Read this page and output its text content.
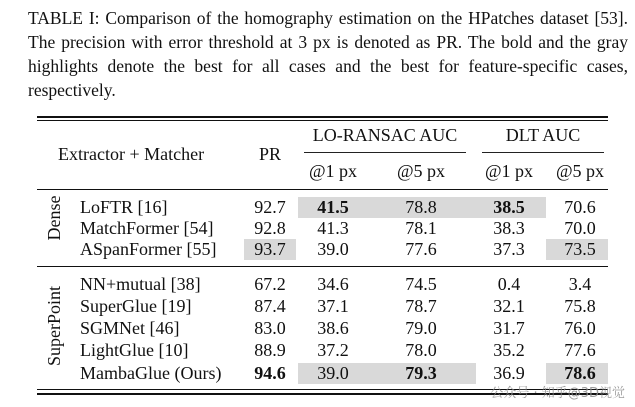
TABLE I: Comparison of the homography estimation on the HPatches dataset [53]. The precision with error threshold at 3 px is denoted as PR. The bold and the gray highlights denote the best for all cases and the best for feature-specific cases, respectively.
Extractor + Matcher	PR
LO-RANSAC AUC	DLT AUC
@1 px	@5 px	@1 px	@5 px
Dense LoFTR [16]	92.7	41.5	78.8	38.5	70.6
MatchFormer [54]	92.8	41.3	78.1	38.3	70.0
ASpanFormer [55]	93.7	39.0	77.6	37.3	73.5
SuperPoint
NN+mutual [38]	67.2	34.6	74.5	0.4	3.4
SuperGlue [19]	87.4	37.1	78.7	32.1	75.8
SGMNet [46]	83.0	38.6	79.0	31.7	76.0
LightGlue [10]	88.9	37.2	78.0	35.2	77.6
MambaGlue (Ours)	94.6	39.0	79.3	36.9	78.6
公众号 · 知乎@3D视觉
